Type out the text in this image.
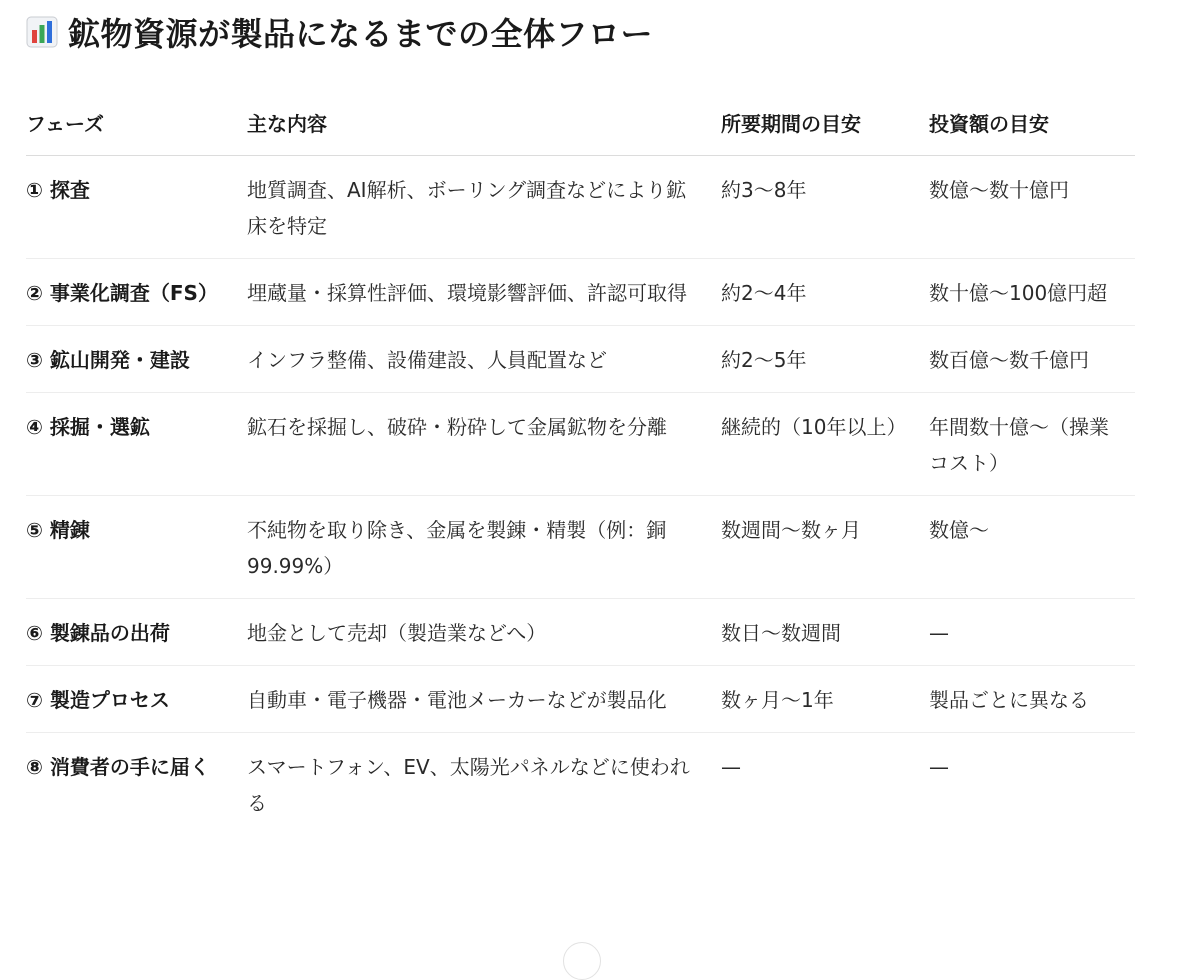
鉱物資源が製品になるまでの全体フロー
フェーズ	主な内容	所要期間の目安	投資額の目安

① 探査	地質調査、AI解析、ボーリング調査などにより鉱床を特定	約3〜8年	数億〜数十億円

② 事業化調査（FS）	埋蔵量・採算性評価、環境影響評価、許認可取得	約2〜4年	数十億〜100億円超

③ 鉱山開発・建設	インフラ整備、設備建設、人員配置など	約2〜5年	数百億〜数千億円

④ 採掘・選鉱	鉱石を採掘し、破砕・粉砕して金属鉱物を分離	継続的（10年以上）	年間数十億〜（操業コスト）

⑤ 精錬	不純物を取り除き、金属を製錬・精製（例：銅99.99%）	数週間〜数ヶ月	数億〜

⑥ 製錬品の出荷	地金として売却（製造業などへ）	数日〜数週間	—

⑦ 製造プロセス	自動車・電子機器・電池メーカーなどが製品化	数ヶ月〜1年	製品ごとに異なる

⑧ 消費者の手に届く	スマートフォン、EV、太陽光パネルなどに使われる	—	—
